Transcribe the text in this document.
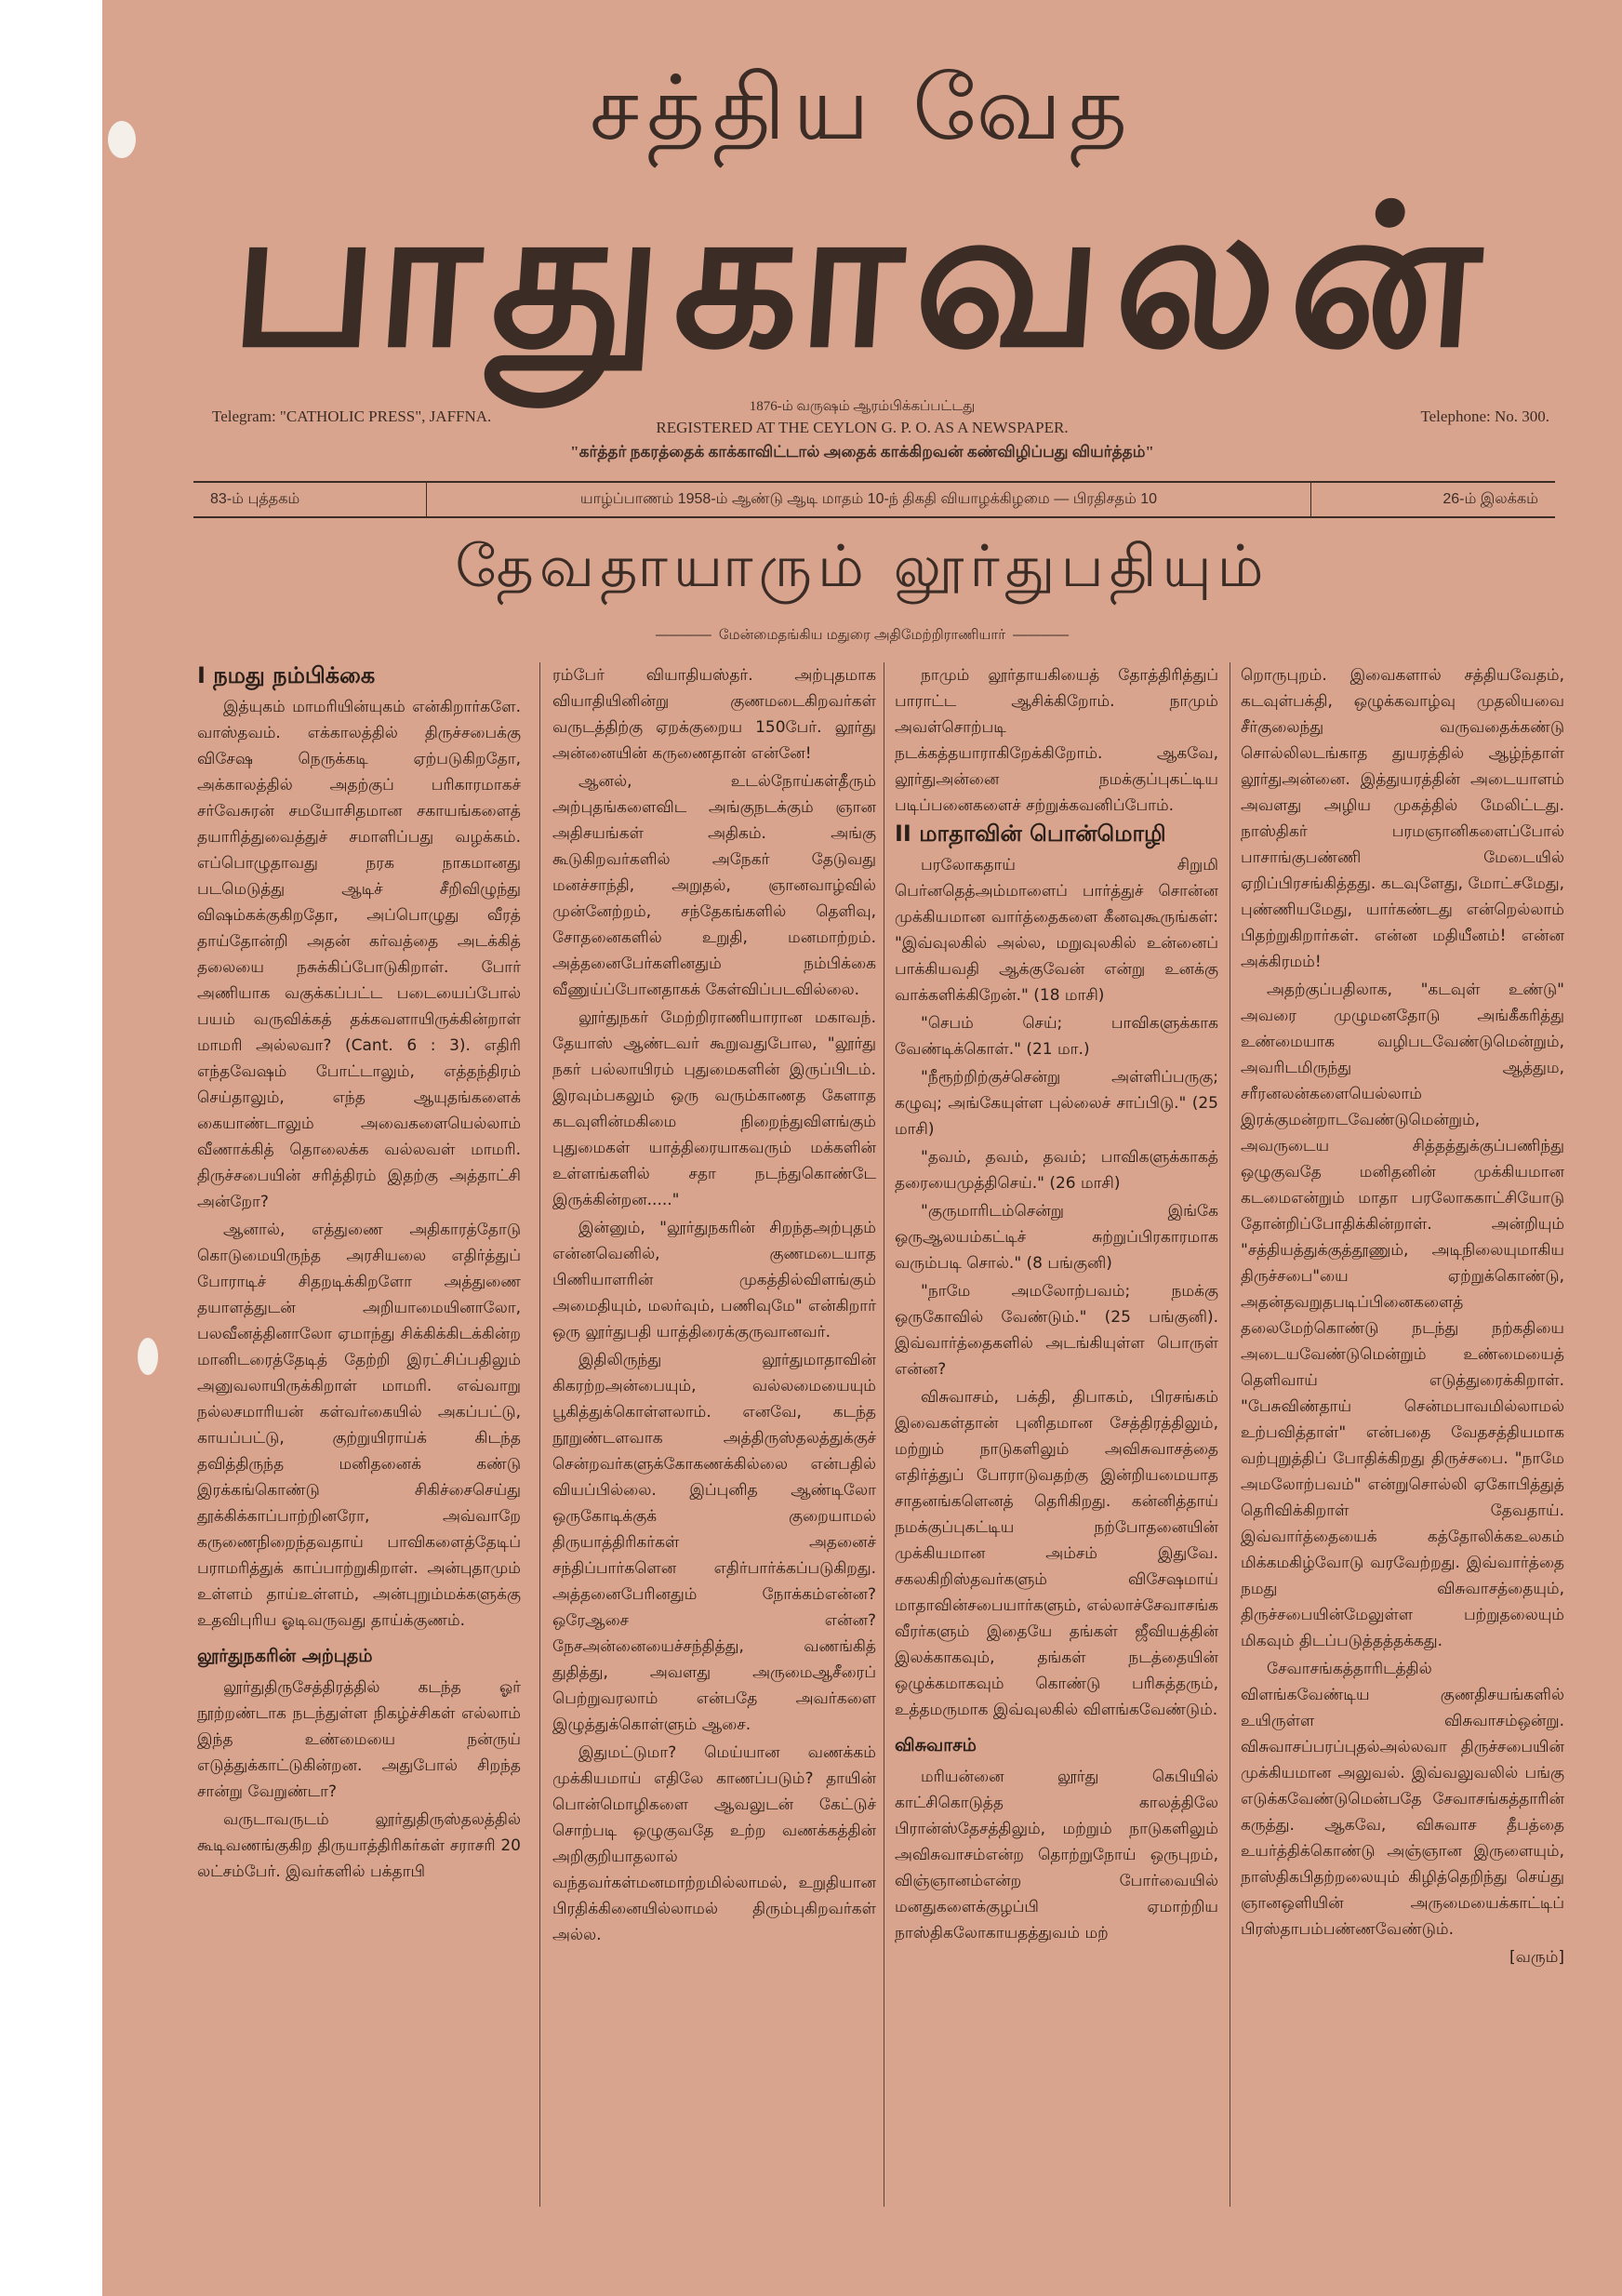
சத்திய வேத
பாதுகாவலன்
Telegram: "CATHOLIC PRESS", JAFFNA.
1876-ம் வருஷம் ஆரம்பிக்கப்பட்டது
REGISTERED AT THE CEYLON G. P. O. AS A NEWSPAPER.
Telephone: No. 300.
"கர்த்தர் நகரத்தைக் காக்காவிட்டால் அதைக் காக்கிறவன் கண்விழிப்பது வியர்த்தம்"
83-ம் புத்தகம்	யாழ்ப்பாணம் 1958-ம் ஆண்டு ஆடி மாதம் 10-ந் திகதி வியாழக்கிழமை — பிரதிசதம் 10	26-ம் இலக்கம்
தேவதாயாரும் லூர்துபதியும்
———— மேன்மைதங்கிய மதுரை அதிமேற்றிராணியார் ————

I நமது நம்பிக்கை

இத்யுகம் மாமரியின்யுகம் என்கிறார்களே. வாஸ்தவம். எக்காலத்தில் திருச்சபைக்கு விசேஷ நெருக்கடி ஏற்படுகிறதோ, அக்காலத்தில் அதற்குப் பரிகாரமாகச் சர்வேசுரன் சமயோசிதமான சகாயங்களைத் தயாரித்துவைத்துச் சமாளிப்பது வழக்கம். எப்பொழுதாவது நரக நாகமானது படமெடுத்து ஆடிச் சீறிவிழுந்து விஷம்கக்குகிறதோ, அப்பொழுது வீரத் தாய்தோன்றி அதன் கர்வத்தை அடக்கித் தலையை நசுக்கிப்போடுகிறாள். போர் அணியாக வகுக்கப்பட்ட படையைப்போல் பயம் வருவிக்கத் தக்கவளாயிருக்கின்றாள் மாமரி அல்லவா? (Cant. 6 : 3). எதிரி எந்தவேஷம் போட்டாலும், எத்தந்திரம் செய்தாலும், எந்த ஆயுதங்களைக் கையாண்டாலும் அவைகளையெல்லாம் வீணாக்கித் தொலைக்க வல்லவள் மாமரி. திருச்சபையின் சரித்திரம் இதற்கு அத்தாட்சி அன்றோ?

ஆனால், எத்துணை அதிகாரத்தோடு கொடுமையிருந்த அரசியலை எதிர்த்துப் போராடிச் சிதறடிக்கிறளோ அத்துணை தயாளத்துடன் அறியாமையினாலோ, பலவீனத்தினாலோ ஏமாந்து சிக்கிக்கிடக்கின்ற மானிடரைத்தேடித் தேற்றி இரட்சிப்பதிலும் அனுவலாயிருக்கிறாள் மாமரி. எவ்வாறு நல்லசமாரியன் கள்வர்கையில் அகப்பட்டு, காயப்பட்டு, குற்றுயிராய்க் கிடந்த தவித்திருந்த மனிதனைக் கண்டு இரக்கங்கொண்டு சிகிச்சைசெய்து தூக்கிக்காப்பாற்றினரோ, அவ்வாறே கருணைநிறைந்தவதாய் பாவிகளைத்தேடிப் பராமரித்துக் காப்பாற்றுகிறாள். அன்புதாமும் உள்ளம் தாய்உள்ளம், அன்புறும்மக்களுக்கு உதவிபுரிய ஓடிவருவது தாய்க்குணம்.

லூர்துநகரின் அற்புதம்

லூர்துதிருசேத்திரத்தில் கடந்த ஓர் நூற்றண்டாக நடந்துள்ள நிகழ்ச்சிகள் எல்லாம் இந்த உண்மையை நன்ருய் எடுத்துக்காட்டுகின்றன. அதுபோல் சிறந்த சான்று வேறுண்டா?

வருடாவருடம் லூர்துதிருஸ்தலத்தில் கூடிவணங்குகிற திருயாத்திரிகர்கள் சராசரி 20 லட்சம்பேர். இவர்களில் பக்தாபி

ரம்பேர் வியாதியஸ்தர். அற்புதமாக வியாதியினின்று குணமடைகிறவர்கள் வருடத்திற்கு ஏறக்குறைய 150பேர். லூர்து அன்னையின் கருணைதான் என்னே!

ஆனல், உடல்நோய்கள்தீரும் அற்புதங்களைவிட அங்குநடக்கும் ஞான அதிசயங்கள் அதிகம். அங்கு கூடுகிறவர்களில் அநேகர் தேடுவது மனச்சாந்தி, அறுதல், ஞானவாழ்வில் முன்னேற்றம், சந்தேகங்களில் தெளிவு, சோதனைகளில் உறுதி, மனமாற்றம். அத்தனைபேர்களினதும் நம்பிக்கை வீணுய்ப்போனதாகக் கேள்விப்படவில்லை.

லூர்துநகர் மேற்றிராணியாரான மகாவந். தேயாஸ் ஆண்டவர் கூறுவதுபோல, "லூர்து நகர் பல்லாயிரம் புதுமைகளின் இருப்பிடம். இரவும்பகலும் ஒரு வரும்காணத கேளாத கடவுளின்மகிமை நிறைந்துவிளங்கும் புதுமைகள் யாத்திரையாகவரும் மக்களின் உள்ளங்களில் சதா நடந்துகொண்டே இருக்கின்றன....."

இன்னும், "லூர்துநகரின் சிறந்தஅற்புதம் என்னவெனில், குணமடையாத பிணியாளரின் முகத்தில்விளங்கும் அமைதியும், மலர்வும், பணிவுமே" என்கிறார் ஒரு லூர்துபதி யாத்திரைக்குருவானவர்.

இதிலிருந்து லூர்துமாதாவின் கிகரற்றஅன்பையும், வல்லமையையும் பூகித்துக்கொள்ளலாம். எனவே, கடந்த நூறுண்டளவாக அத்திருஸ்தலத்துக்குச் சென்றவர்களுக்கோகணக்கில்லை என்பதில் வியப்பில்லை. இப்புனித ஆண்டிலோ ஒருகோடிக்குக் குறையாமல் திருயாத்திரிகர்கள் அதனைச் சந்திப்பார்களென எதிர்பார்க்கப்படுகிறது. அத்தனைபேரினதும் நோக்கம்என்ன? ஒரேஆசை என்ன? நேசஅன்னையைச்சந்தித்து, வணங்கித் துதித்து, அவளது அருமைஆசீரைப் பெற்றுவரலாம் என்பதே அவர்களை இழுத்துக்கொள்ளும் ஆசை.

இதுமட்டுமா? மெய்யான வணக்கம் முக்கியமாய் எதிலே காணப்படும்? தாயின் பொன்மொழிகளை ஆவலுடன் கேட்டுச் சொற்படி ஒழுகுவதே உற்ற வணக்கத்தின் அறிகுறியாதலால் வந்தவர்கள்மனமாற்றமில்லாமல், உறுதியான பிரதிக்கினையில்லாமல் திரும்புகிறவர்கள் அல்ல.

நாமும் லூர்தாயகியைத் தோத்திரித்துப் பாராட்ட ஆசிக்கிறோம். நாமும் அவள்சொற்படி நடக்கத்தயாராகிறேக்கிறோம். ஆகவே, லூர்துஅன்னை நமக்குப்புகட்டிய படிப்பனைகளைச் சற்றுக்கவனிப்போம்.

II மாதாவின் பொன்மொழி

பரலோகதாய் சிறுமி பெர்னதெத்அம்மாளைப் பார்த்துச் சொன்ன முக்கியமான வார்த்தைகளை கீனவுகூருங்கள்: "இவ்வுலகில் அல்ல, மறுவுலகில் உன்னைப் பாக்கியவதி ஆக்குவேன் என்று உனக்கு வாக்களிக்கிறேன்." (18 மாசி)

"செபம் செய்; பாவிகளுக்காக வேண்டிக்கொள்." (21 மா.)

"நீரூற்றிற்குச்சென்று அள்ளிப்பருகு; கழுவு; அங்கேயுள்ள புல்லைச் சாப்பிடு." (25 மாசி)

"தவம், தவம், தவம்; பாவிகளுக்காகத் தரையைமுத்திசெய்." (26 மாசி)

"குருமாரிடம்சென்று இங்கே ஒருஆலயம்கட்டிச் சுற்றுப்பிரகாரமாக வரும்படி சொல்." (8 பங்குனி)

"நாமே அமலோற்பவம்; நமக்கு ஒருகோவில் வேண்டும்." (25 பங்குனி). இவ்வார்த்தைகளில் அடங்கியுள்ள பொருள் என்ன?

விசுவாசம், பக்தி, திபாகம், பிரசங்கம் இவைகள்தான் புனிதமான சேத்திரத்திலும், மற்றும் நாடுகளிலும் அவிசுவாசத்தை எதிர்த்துப் போராடுவதற்கு இன்றியமையாத சாதனங்களெனத் தெரிகிறது. கன்னித்தாய் நமக்குப்புகட்டிய நற்போதனையின் முக்கியமான அம்சம் இதுவே. சகலகிறிஸ்தவர்களும் விசேஷமாய் மாதாவின்சபையார்களும், எல்லாச்சேவாசங்க வீரர்களும் இதையே தங்கள் ஜீவியத்தின் இலக்காகவும், தங்கள் நடத்தையின் ஒழுக்கமாகவும் கொண்டு பரிசுத்தரும், உத்தமருமாக இவ்வுலகில் விளங்கவேண்டும்.

விசுவாசம்

மரியன்னை லூர்து கெபியில் காட்சிகொடுத்த காலத்திலே பிரான்ஸ்தேசத்திலும், மற்றும் நாடுகளிலும் அவிசுவாசம்என்ற தொற்றுநோய் ஒருபுறம், விஞ்ஞானம்என்ற போர்வையில் மனதுகளைக்குழப்பி ஏமாற்றிய நாஸ்திகலோகாயதத்துவம் மற்

றொருபுறம். இவைகளால் சத்தியவேதம், கடவுள்பக்தி, ஒழுக்கவாழ்வு முதலியவை சீர்குலைந்து வருவதைக்கண்டு சொல்லிலடங்காத துயரத்தில் ஆழ்ந்தாள் லூர்துஅன்னை. இத்துயரத்தின் அடையாளம் அவளது அழிய முகத்தில் மேலிட்டது. நாஸ்திகர் பரமஞானிகளைப்போல் பாசாங்குபண்ணி மேடையில் ஏறிப்பிரசங்கித்தது. கடவுளேது, மோட்சமேது, புண்ணியமேது, யார்கண்டது என்றெல்லாம் பிதற்றுகிறார்கள். என்ன மதியீனம்! என்ன அக்கிரமம்!

அதற்குப்பதிலாக, "கடவுள் உண்டு" அவரை முழுமனதோடு அங்கீகரித்து உண்மையாக வழிபடவேண்டுமென்றும், அவரிடமிருந்து ஆத்தும, சரீரனலன்களையெல்லாம் இரக்குமன்றாடவேண்டுமென்றும், அவருடைய சித்தத்துக்குப்பணிந்து ஒழுகுவதே மனிதனின் முக்கியமான கடமைஎன்றும் மாதா பரலோககாட்சியோடு தோன்றிப்போதிக்கின்றாள். அன்றியும் "சத்தியத்துக்குத்தூணும், அடிநிலையுமாகிய திருச்சபை"யை ஏற்றுக்கொண்டு, அதன்தவறுதபடிப்பினைகளைத் தலைமேற்கொண்டு நடந்து நற்கதியை அடையவேண்டுமென்றும் உண்மையைத் தெளிவாய் எடுத்துரைக்கிறாள். "பேசுவிண்தாய் சென்மபாவமில்லாமல் உற்பவித்தாள்" என்பதை வேதசத்தியமாக வற்புறுத்திப் போதிக்கிறது திருச்சபை. "நாமே அமலோற்பவம்" என்றுசொல்லி ஏகோபித்துத் தெரிவிக்கிறாள் தேவதாய். இவ்வார்த்தையைக் கத்தோலிக்கஉலகம் மிக்கமகிழ்வோடு வரவேற்றது. இவ்வார்த்தை நமது விசுவாசத்தையும், திருச்சபையின்மேலுள்ள பற்றுதலையும் மிகவும் திடப்படுத்தத்தக்கது.

சேவாசங்கத்தாரிடத்தில் விளங்கவேண்டிய குணதிசயங்களில் உயிருள்ள விசுவாசம்ஒன்று. விசுவாசப்பரப்புதல்அல்லவா திருச்சபையின் முக்கியமான அலுவல். இவ்வலுவலில் பங்கு எடுக்கவேண்டுமென்பதே சேவாசங்கத்தாரின் கருத்து. ஆகவே, விசுவாச தீபத்தை உயர்த்திக்கொண்டு அஞ்ஞான இருளையும், நாஸ்திகபிதற்றலையும் கிழித்தெறிந்து செய்து ஞானஒளியின் அருமையைக்காட்டிப் பிரஸ்தாபம்பண்ணவேண்டும்.

[வரும்]
